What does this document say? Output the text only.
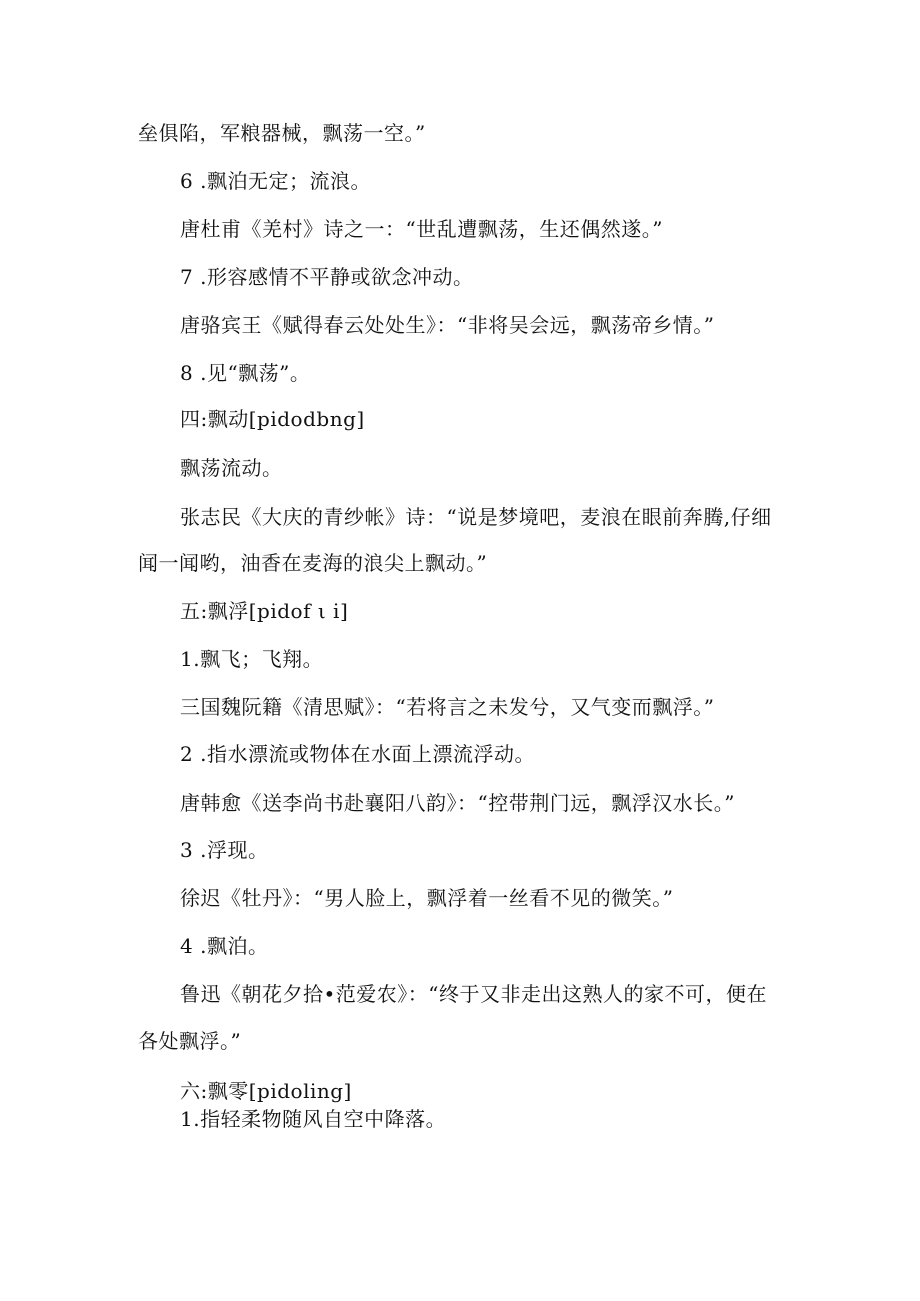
垒俱陷，军粮器械，飘荡一空。”
6 .飘泊无定；流浪。
唐杜甫《羌村》诗之一：“世乱遭飘荡，生还偶然遂。”
7 .形容感情不平静或欲念冲动。
唐骆宾王《赋得春云处处生》：“非将吴会远，飘荡帝乡情。”
8 .见“飘荡”。
四:飘动[pidodbng]
飘荡流动。
张志民《大庆的青纱帐》诗：“说是梦境吧，麦浪在眼前奔腾,仔细
闻一闻哟，油香在麦海的浪尖上飘动。”
五:飘浮[pidof ι i]
1.飘飞；飞翔。
三国魏阮籍《清思赋》：“若将言之未发兮，又气变而飘浮。”
2 .指水漂流或物体在水面上漂流浮动。
唐韩愈《送李尚书赴襄阳八韵》：“控带荆门远，飘浮汉水长。”
3 .浮现。
徐迟《牡丹》：“男人脸上，飘浮着一丝看不见的微笑。”
4 .飘泊。
鲁迅《朝花夕拾•范爱农》：“终于又非走出这熟人的家不可，便在
各处飘浮。”
六:飘零[pidoling]
1.指轻柔物随风自空中降落。
